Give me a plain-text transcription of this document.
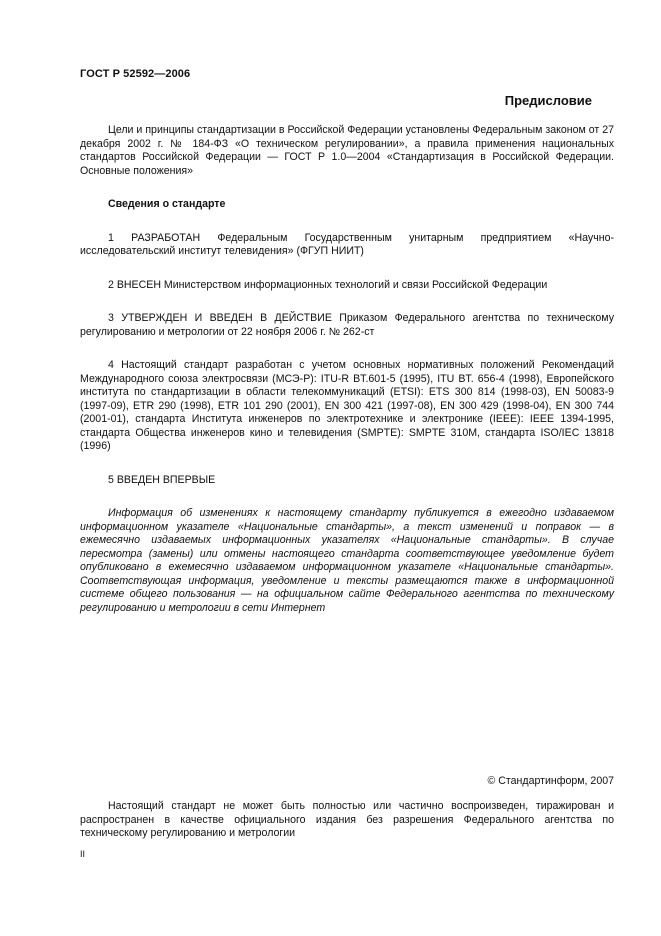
ГОСТ Р 52592—2006
Предисловие

Цели и принципы стандартизации в Российской Федерации установлены Федеральным законом от 27 декабря 2002 г. № 184-ФЗ «О техническом регулировании», а правила применения национальных стандартов Российской Федерации — ГОСТ Р 1.0—2004 «Стандартизация в Российской Федерации. Основные положения»

Сведения о стандарте

1 РАЗРАБОТАН Федеральным Государственным унитарным предприятием «Научно-исследовательский институт телевидения» (ФГУП НИИТ)

2 ВНЕСЕН Министерством информационных технологий и связи Российской Федерации

3 УТВЕРЖДЕН И ВВЕДЕН В ДЕЙСТВИЕ Приказом Федерального агентства по техническому регулированию и метрологии от 22 ноября 2006 г. № 262-ст

4 Настоящий стандарт разработан с учетом основных нормативных положений Рекомендаций Международного союза электросвязи (МСЭ-Р): ITU-R BT.601-5 (1995), ITU BT. 656-4 (1998), Европейского института по стандартизации в области телекоммуникаций (ETSI): ETS 300 814 (1998-03), EN 50083-9 (1997-09), ETR 290 (1998), ETR 101 290 (2001), EN 300 421 (1997-08), EN 300 429 (1998-04), EN 300 744 (2001-01), стандарта Института инженеров по электротехнике и электронике (IEEE): IEEE 1394-1995, стандарта Общества инженеров кино и телевидения (SMPTE): SMPTE 310M, стандарта ISO/IEC 13818 (1996)

5 ВВЕДЕН ВПЕРВЫЕ

Информация об изменениях к настоящему стандарту публикуется в ежегодно издаваемом информационном указателе «Национальные стандарты», а текст изменений и поправок — в ежемесячно издаваемых информационных указателях «Национальные стандарты». В случае пересмотра (замены) или отмены настоящего стандарта соответствующее уведомление будет опубликовано в ежемесячно издаваемом информационном указателе «Национальные стандарты». Соответствующая информация, уведомление и тексты размещаются также в информационной системе общего пользования — на официальном сайте Федерального агентства по техническому регулированию и метрологии в сети Интернет

© Стандартинформ, 2007

Настоящий стандарт не может быть полностью или частично воспроизведен, тиражирован и распространен в качестве официального издания без разрешения Федерального агентства по техническому регулированию и метрологии

II
